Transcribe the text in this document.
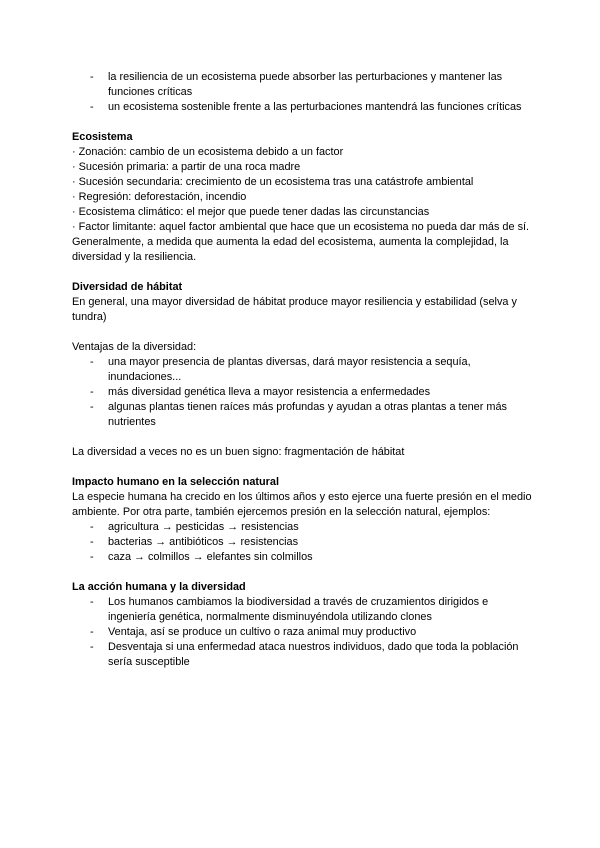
- la resiliencia de un ecosistema puede absorber las perturbaciones y mantener las funciones críticas
- un ecosistema sostenible frente a las perturbaciones mantendrá las funciones críticas
Ecosistema
· Zonación: cambio de un ecosistema debido a un factor
· Sucesión primaria: a partir de una roca madre
· Sucesión secundaria: crecimiento de un ecosistema tras una catástrofe ambiental
· Regresión: deforestación, incendio
· Ecosistema climático: el mejor que puede tener dadas las circunstancias
· Factor limitante: aquel factor ambiental que hace que un ecosistema no pueda dar más de sí. Generalmente, a medida que aumenta la edad del ecosistema, aumenta la complejidad, la diversidad y la resiliencia.
Diversidad de hábitat

En general, una mayor diversidad de hábitat produce mayor resiliencia y estabilidad (selva y tundra)

Ventajas de la diversidad:

- una mayor presencia de plantas diversas, dará mayor resistencia a sequía, inundaciones...
- más diversidad genética lleva a mayor resistencia a enfermedades
- algunas plantas tienen raíces más profundas y ayudan a otras plantas a tener más nutrientes

La diversidad a veces no es un buen signo: fragmentación de hábitat

Impacto humano en la selección natural

La especie humana ha crecido en los últimos años y esto ejerce una fuerte presión en el medio ambiente. Por otra parte, también ejercemos presión en la selección natural, ejemplos:

- agricultura → pesticidas → resistencias
- bacterias → antibióticos → resistencias
- caza → colmillos → elefantes sin colmillos
La acción humana y la diversidad
- Los humanos cambiamos la biodiversidad a través de cruzamientos dirigidos e ingeniería genética, normalmente disminuyéndola utilizando clones
- Ventaja, así se produce un cultivo o raza animal muy productivo
- Desventaja si una enfermedad ataca nuestros individuos, dado que toda la población sería susceptible
